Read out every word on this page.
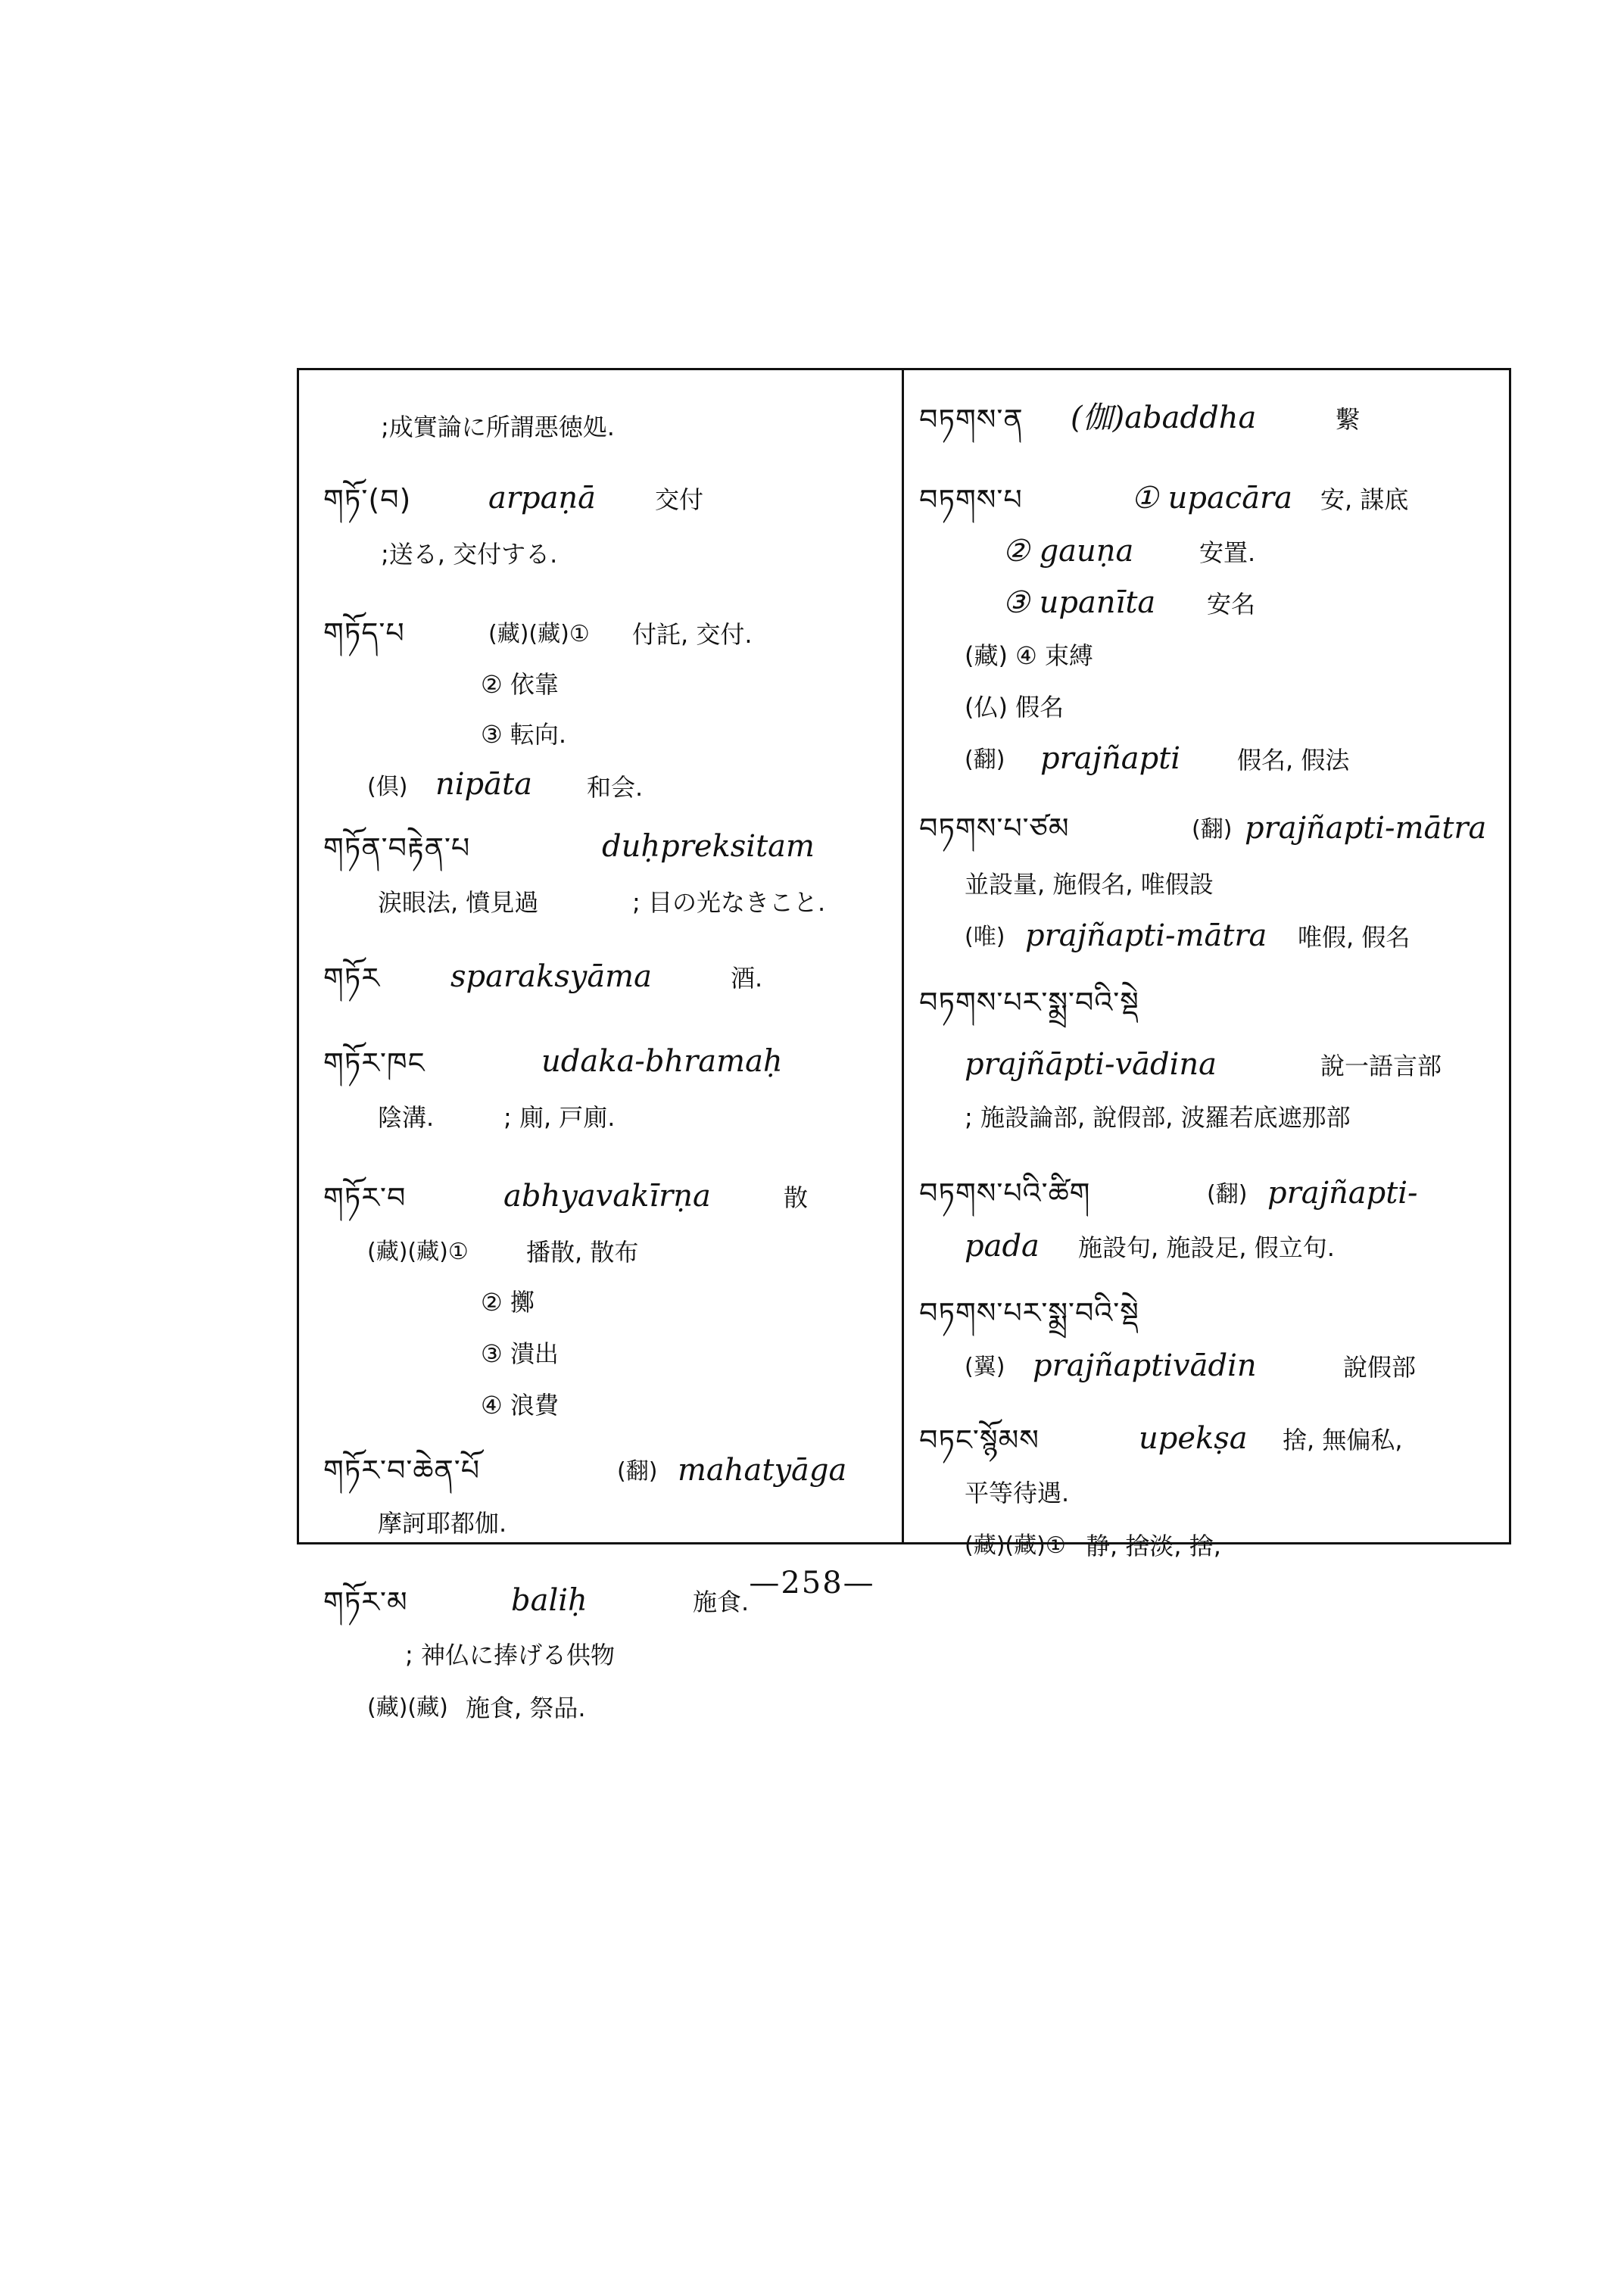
;成實論に所謂悪徳処.
གཏོ་(བ)	arpaṇā 交付
;送る, 交付する.
གཏོད་པ	(藏)(藏)① 付託, 交付.
② 依靠
③ 転向.
(倶) nipāta 和会.
གཏོན་བརྟེན་པ	duḥpreksitam
涙眼法, 憤見過	; 目の光なきこと.
གཏོར sparaksyāma	酒.
གཏོར་ཁང	udaka-bhramaḥ
陰溝.	; 廁, 戸廁.
གཏོར་བ	abhyavakīrṇa	散
(藏)(藏)① 播散, 散布
② 擲
③ 潰出
④ 浪費
གཏོར་བ་ཆེན་པོ	(翻) mahatyāga
摩訶耶都伽.
གཏོར་མ	baliḥ	施食.
; 神仏に捧げる供物
(藏)(藏) 施食, 祭品.
བཏགས་ན (伽)abaddha	繫
བཏགས་པ	① upacāra 安, 謀底
② gauṇa	安置.
③ upanīta 安名
(藏) ④ 束縛
(仏) 假名
(翻) prajñapti 假名, 假法
བཏགས་པ་ཙམ	(翻) prajñapti-mātra
並設量, 施假名, 唯假設
(唯) prajñapti-mātra 唯假, 假名
བཏགས་པར་སྨྲ་བའི་སྡེ
prajñāpti-vādina	說一語言部
; 施設論部, 說假部, 波羅若底遮那部
བཏགས་པའི་ཚིག	(翻) prajñapti-
pada 施設句, 施設足, 假立句.
བཏགས་པར་སྨྲ་བའི་སྡེ
(翼) prajñaptivādin	說假部
བཏང་སྙོམས	upekṣa 捨, 無偏私,
平等待遇.
(藏)(藏)① 静, 捨淡, 捨,
—258—
